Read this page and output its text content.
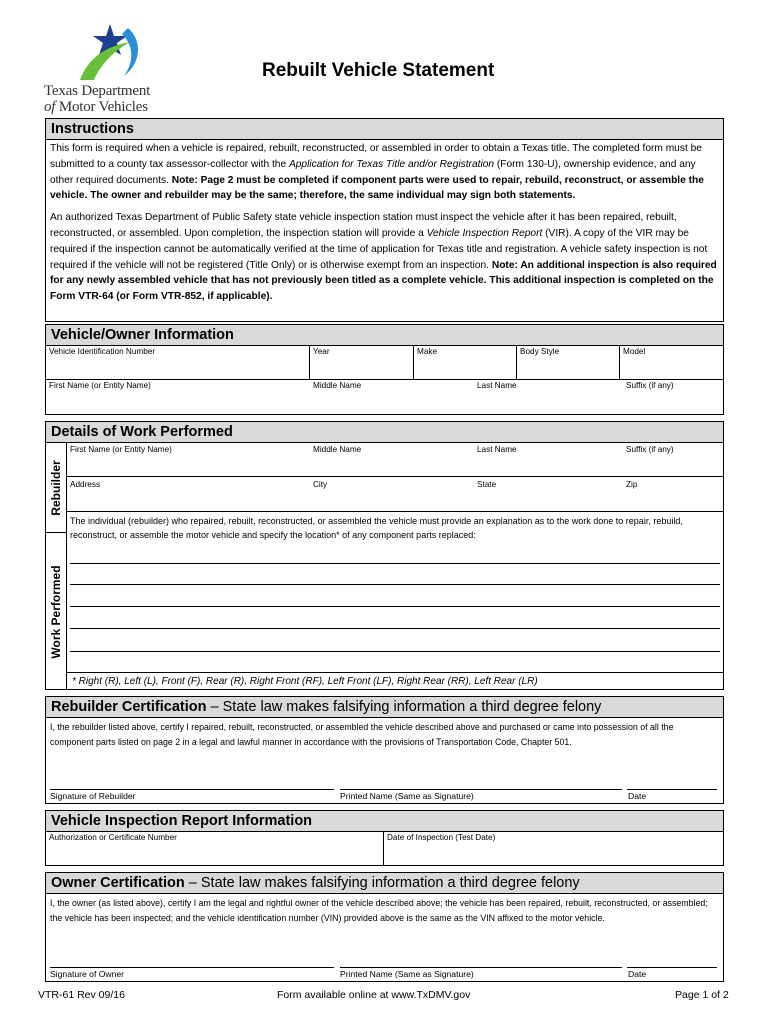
Texas Department
of Motor Vehicles
Rebuilt Vehicle Statement
Instructions
This form is required when a vehicle is repaired, rebuilt, reconstructed, or assembled in order to obtain a Texas title. The completed form must be submitted to a county tax assessor-collector with the Application for Texas Title and/or Registration (Form 130-U), ownership evidence, and any other required documents. Note: Page 2 must be completed if component parts were used to repair, rebuild, reconstruct, or assemble the vehicle. The owner and rebuilder may be the same; therefore, the same individual may sign both statements.
An authorized Texas Department of Public Safety state vehicle inspection station must inspect the vehicle after it has been repaired, rebuilt, reconstructed, or assembled. Upon completion, the inspection station will provide a Vehicle Inspection Report (VIR). A copy of the VIR may be required if the inspection cannot be automatically verified at the time of application for Texas title and registration. A vehicle safety inspection is not required if the vehicle will not be registered (Title Only) or is otherwise exempt from an inspection. Note: An additional inspection is also required for any newly assembled vehicle that has not previously been titled as a complete vehicle. This additional inspection is completed on the Form VTR-64 (or Form VTR-852, if applicable).
Vehicle/Owner Information
Vehicle Identification Number	Year	Make	Body Style	Model
First Name (or Entity Name)	Middle Name	Last Name	Suffix (if any)
Details of Work Performed
Rebuilder
Work Performed
First Name (or Entity Name)	Middle Name	Last Name	Suffix (if any)
Address	City	State	Zip
The individual (rebuilder) who repaired, rebuilt, reconstructed, or assembled the vehicle must provide an explanation as to the work done to repair, rebuild, reconstruct, or assemble the motor vehicle and specify the location* of any component parts replaced:
* Right (R), Left (L), Front (F), Rear (R), Right Front (RF), Left Front (LF), Right Rear (RR), Left Rear (LR)
Rebuilder Certification – State law makes falsifying information a third degree felony
I, the rebuilder listed above, certify I repaired, rebuilt, reconstructed, or assembled the vehicle described above and purchased or came into possession of all the component parts listed on page 2 in a legal and lawful manner in accordance with the provisions of Transportation Code, Chapter 501.
Signature of Rebuilder	Printed Name (Same as Signature)	Date
Vehicle Inspection Report Information
Authorization or Certificate Number	Date of Inspection (Test Date)
Owner Certification – State law makes falsifying information a third degree felony
I, the owner (as listed above), certify I am the legal and rightful owner of the vehicle described above; the vehicle has been repaired, rebuilt, reconstructed, or assembled; the vehicle has been inspected; and the vehicle identification number (VIN) provided above is the same as the VIN affixed to the motor vehicle.
Signature of Owner	Printed Name (Same as Signature)	Date
VTR-61 Rev 09/16	Form available online at www.TxDMV.gov	Page 1 of 2
